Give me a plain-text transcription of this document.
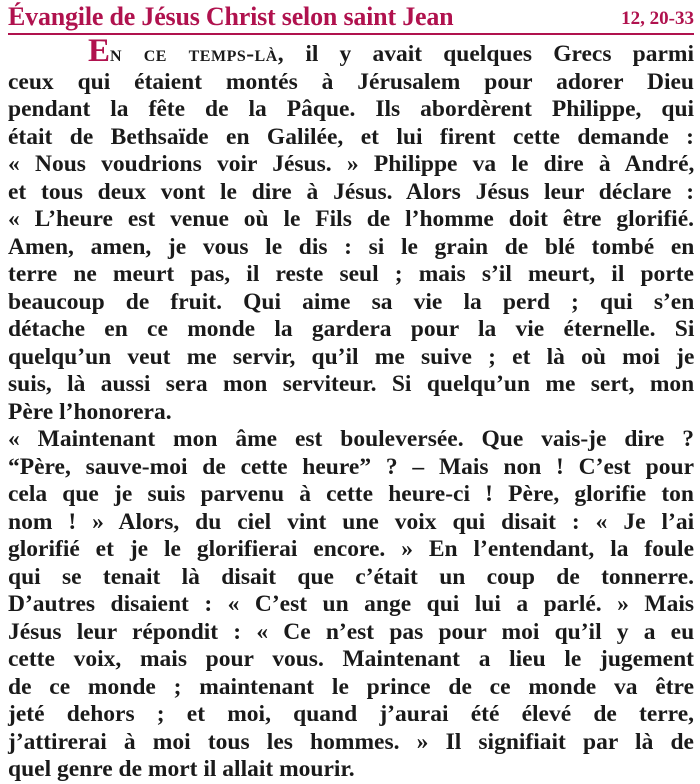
Évangile de Jésus Christ selon saint Jean	12, 20-33
En ce temps-là, il y avait quelques Grecs parmi
ceux qui étaient montés à Jérusalem pour adorer Dieu
pendant la fête de la Pâque. Ils abordèrent Philippe, qui
était de Bethsaïde en Galilée, et lui firent cette demande :
« Nous voudrions voir Jésus. » Philippe va le dire à André,
et tous deux vont le dire à Jésus. Alors Jésus leur déclare :
« L’heure est venue où le Fils de l’homme doit être glorifié.
Amen, amen, je vous le dis : si le grain de blé tombé en
terre ne meurt pas, il reste seul ; mais s’il meurt, il porte
beaucoup de fruit. Qui aime sa vie la perd ; qui s’en
détache en ce monde la gardera pour la vie éternelle. Si
quelqu’un veut me servir, qu’il me suive ; et là où moi je
suis, là aussi sera mon serviteur. Si quelqu’un me sert, mon
Père l’honorera.
« Maintenant mon âme est bouleversée. Que vais-je dire ?
“Père, sauve-moi de cette heure” ? – Mais non ! C’est pour
cela que je suis parvenu à cette heure-ci ! Père, glorifie ton
nom ! » Alors, du ciel vint une voix qui disait : « Je l’ai
glorifié et je le glorifierai encore. » En l’entendant, la foule
qui se tenait là disait que c’était un coup de tonnerre.
D’autres disaient : « C’est un ange qui lui a parlé. » Mais
Jésus leur répondit : « Ce n’est pas pour moi qu’il y a eu
cette voix, mais pour vous. Maintenant a lieu le jugement
de ce monde ; maintenant le prince de ce monde va être
jeté dehors ; et moi, quand j’aurai été élevé de terre,
j’attirerai à moi tous les hommes. » Il signifiait par là de
quel genre de mort il allait mourir.
